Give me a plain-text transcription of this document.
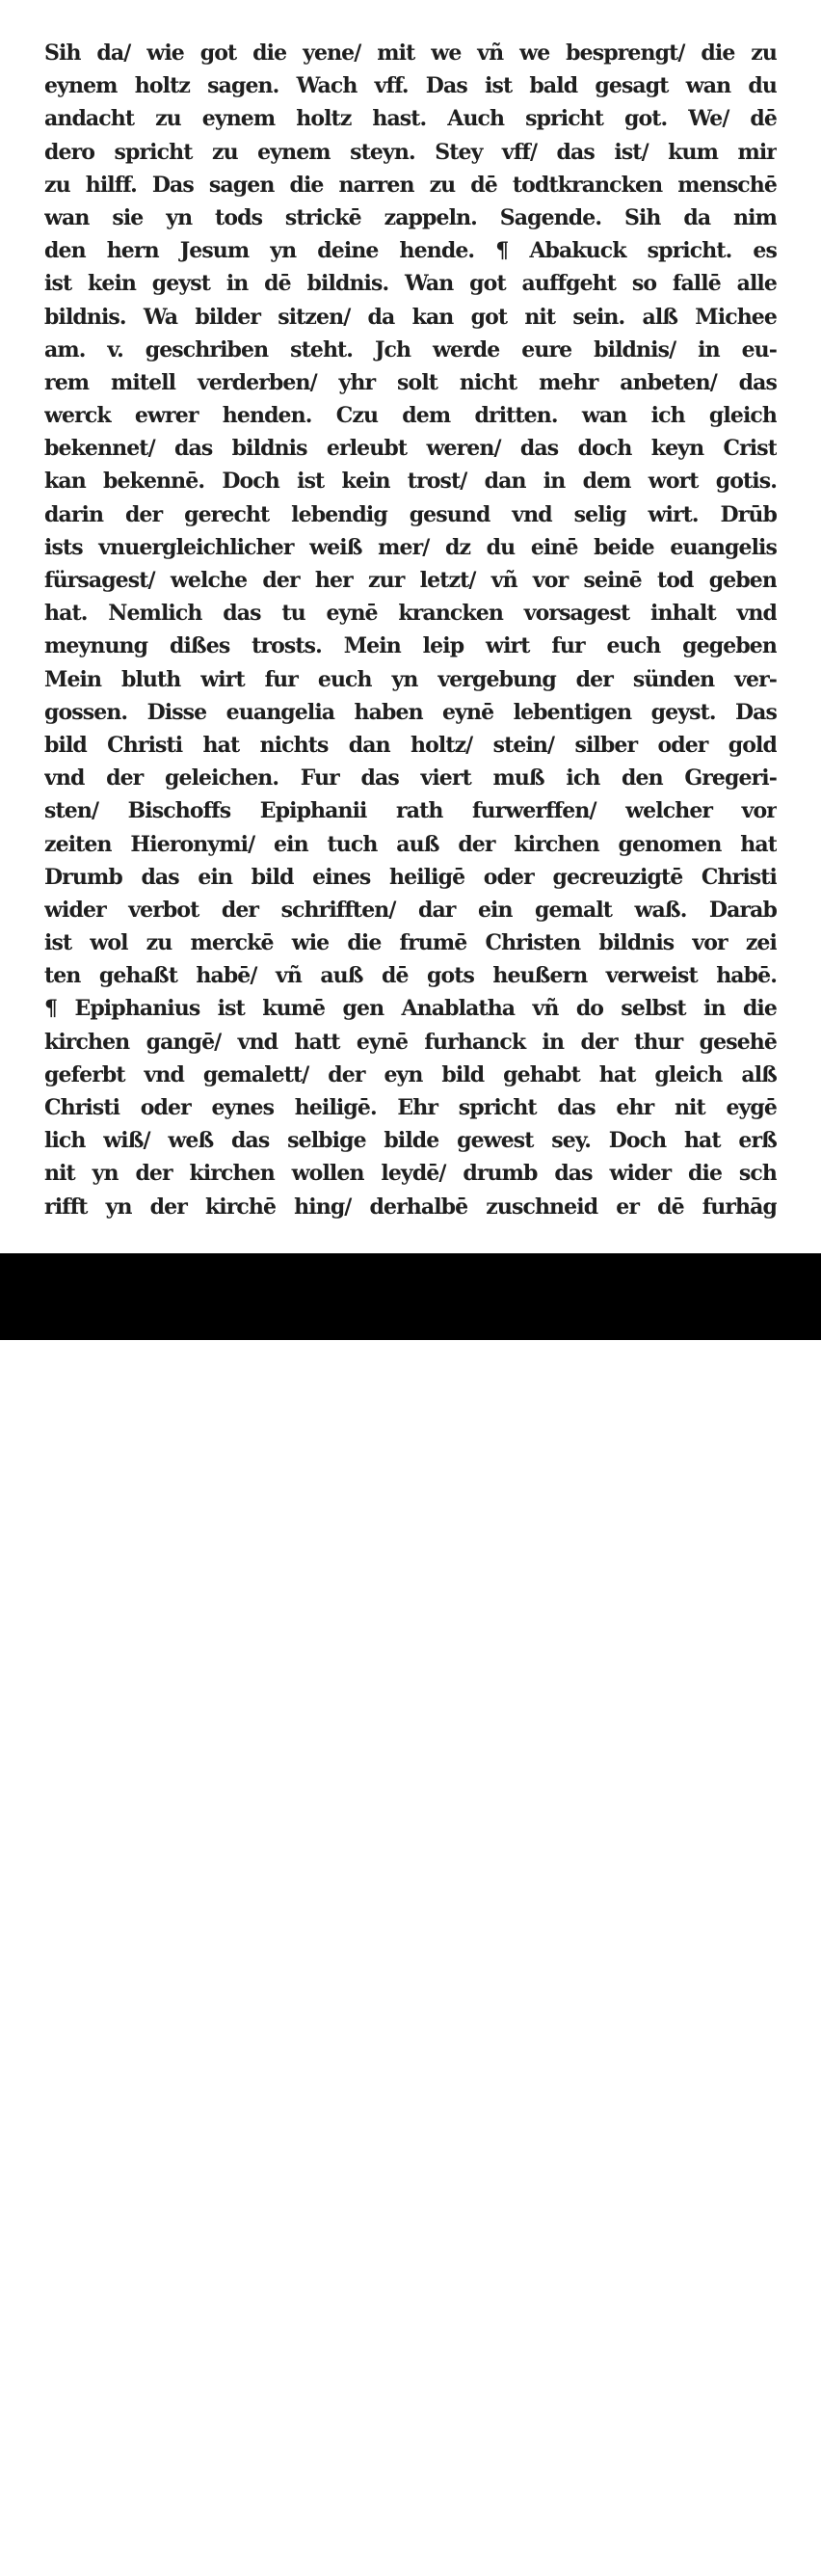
Sih da/ wie got die yene/ mit we vñ we besprengt/ die zu
eynem holtz sagen. Wach vff. Das ist bald gesagt wan du
andacht zu eynem holtz hast. Auch spricht got. We/ dē
dero spricht zu eynem steyn. Stey vff/ das ist/ kum mir
zu hilff. Das sagen die narren zu dē todtkrancken menschē
wan sie yn tods strickē zappeln. Sagende. Sih da nim
den hern Jesum yn deine hende. ¶ Abakuck spricht. es
ist kein geyst in dē bildnis. Wan got auffgeht so fallē alle
bildnis. Wa bilder sitzen/ da kan got nit sein. alß Michee
am. v. geschriben steht. Jch werde eure bildnis/ in eu-
rem mitell verderben/ yhr solt nicht mehr anbeten/ das
werck ewrer henden. Czu dem dritten. wan ich gleich
bekennet/ das bildnis erleubt weren/ das doch keyn Crist
kan bekennē. Doch ist kein trost/ dan in dem wort gotis.
darin der gerecht lebendig gesund vnd selig wirt. Drūb
ists vnuergleichlicher weiß mer/ dz du einē beide euangelis
fürsagest/ welche der her zur letzt/ vñ vor seinē tod geben
hat. Nemlich das tu eynē krancken vorsagest inhalt vnd
meynung dißes trosts. Mein leip wirt fur euch gegeben
Mein bluth wirt fur euch yn vergebung der sünden ver-
gossen. Disse euangelia haben eynē lebentigen geyst. Das
bild Christi hat nichts dan holtz/ stein/ silber oder gold
vnd der geleichen. Fur das viert muß ich den Gregeri-
sten/ Bischoffs Epiphanii rath furwerffen/ welcher vor
zeiten Hieronymi/ ein tuch auß der kirchen genomen hat
Drumb das ein bild eines heiligē oder gecreuzigtē Christi
wider verbot der schrifften/ dar ein gemalt waß. Darab
ist wol zu merckē wie die frumē Christen bildnis vor zei
ten gehaßt habē/ vñ auß dē gots heußern verweist habē.
¶ Epiphanius ist kumē gen Anablatha vñ do selbst in die
kirchen gangē/ vnd hatt eynē furhanck in der thur gesehē
geferbt vnd gemalett/ der eyn bild gehabt hat gleich alß
Christi oder eynes heiligē. Ehr spricht das ehr nit eygē
lich wiß/ weß das selbige bilde gewest sey. Doch hat erß
nit yn der kirchen wollen leydē/ drumb das wider die sch
rifft yn der kirchē hing/ derhalbē zuschneid er dē furhāg
alamy	MWG0D0
www.alamy.com
